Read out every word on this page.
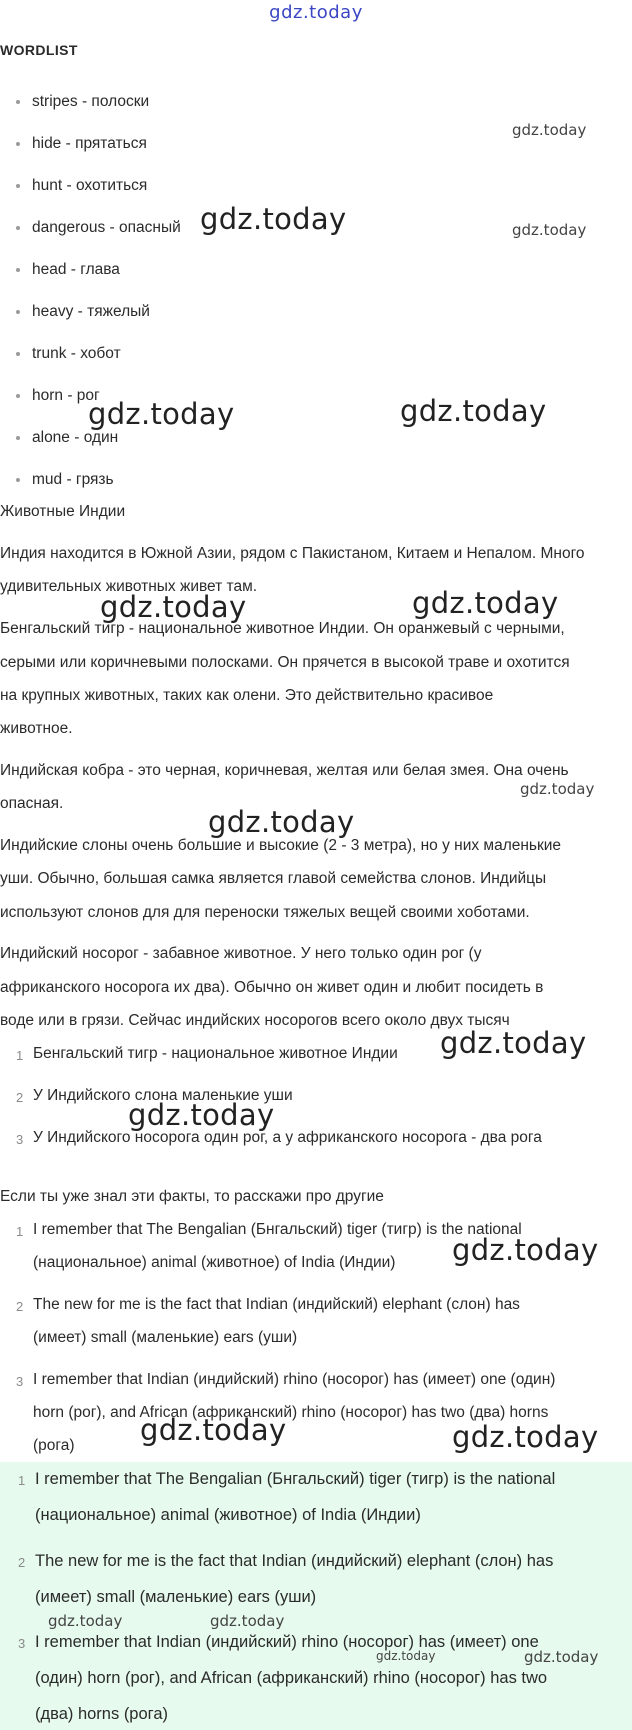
gdz.today
WORDLIST
stripes - полоски
hide - прятаться
hunt - охотиться
dangerous - опасный
head - глава
heavy - тяжелый
trunk - хобот
horn - рог
alone - один
mud - грязь
Животные Индии
Индия находится в Южной Азии, рядом с Пакистаном, Китаем и Непалом. Много
удивительных животных живет там.
Бенгальский тигр - национальное животное Индии. Он оранжевый с черными,
серыми или коричневыми полосками. Он прячется в высокой траве и охотится
на крупных животных, таких как олени. Это действительно красивое
животное.
Индийская кобра - это черная, коричневая, желтая или белая змея. Она очень
опасная.
Индийские слоны очень большие и высокие (2 - 3 метра), но у них маленькие
уши. Обычно, большая самка является главой семейства слонов. Индийцы
используют слонов для для переноски тяжелых вещей своими хоботами.
Индийский носорог - забавное животное. У него только один рог (у
африканского носорога их два). Обычно он живет один и любит посидеть в
воде или в грязи. Сейчас индийских носорогов всего около двух тысяч
1 Бенгальский тигр - национальное животное Индии
2 У Индийского слона маленькие уши
3 У Индийского носорога один рог, а у африканского носорога - два рога
Если ты уже знал эти факты, то расскажи про другие
1 I remember that The Bengalian (Бнгальский) tiger (тигр) is the national
(национальное) animal (животное) of India (Индии)
2 The new for me is the fact that Indian (индийский) elephant (слон) has
(имеет) small (маленькие) ears (уши)
3 I remember that Indian (индийский) rhino (носорог) has (имеет) one (один)
horn (рог), and African (африканский) rhino (носорог) has two (два) horns
(рога)
1 I remember that The Bengalian (Бнгальский) tiger (тигр) is the national
(национальное) animal (животное) of India (Индии)
2 The new for me is the fact that Indian (индийский) elephant (слон) has
(имеет) small (маленькие) ears (уши)
3 I remember that Indian (индийский) rhino (носорог) has (имеет) one
(один) horn (рог), and African (африканский) rhino (носорог) has two
(два) horns (рога)
gdz.today
gdz.today	gdz.today
gdz.today	gdz.today
gdz.today	gdz.today
gdz.today
gdz.today
gdz.today
gdz.today
gdz.today
gdz.today	gdz.today
gdz.today	gdz.today
gdz.today	gdz.today
